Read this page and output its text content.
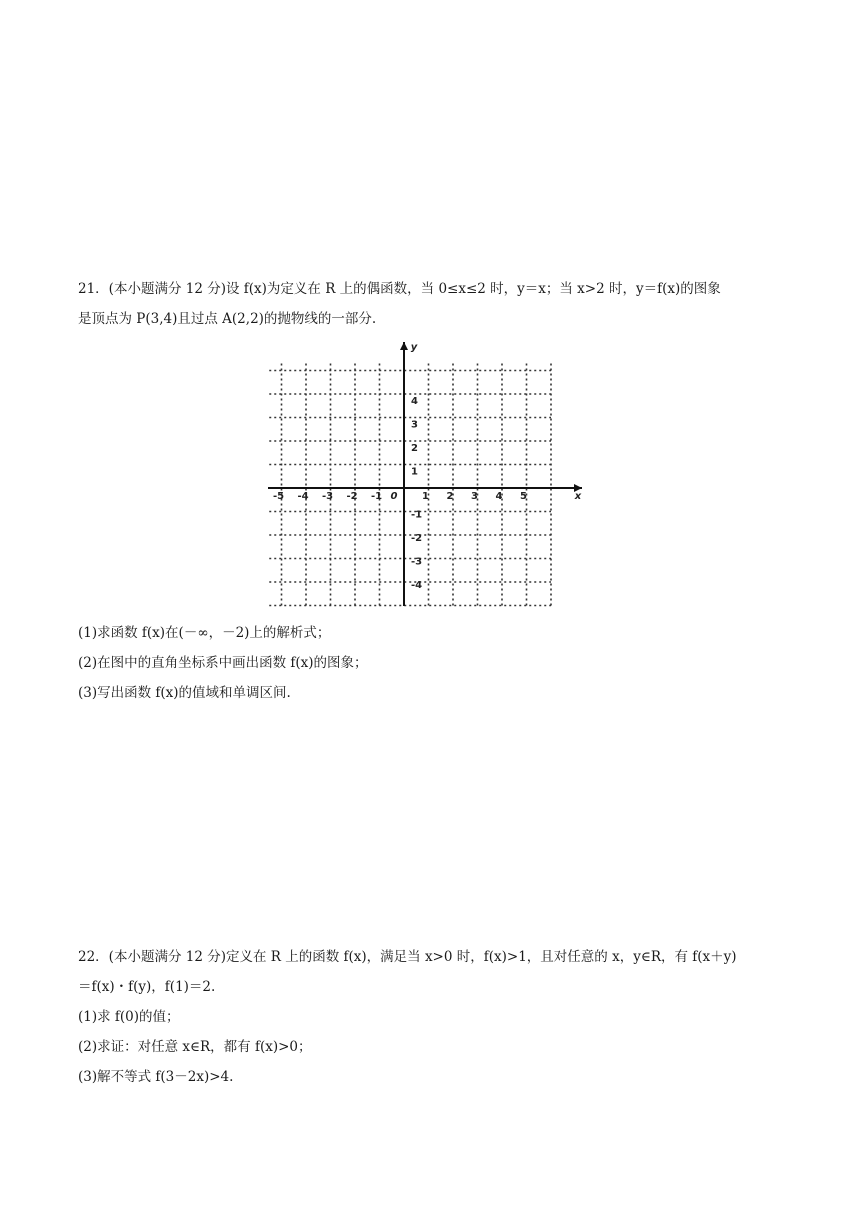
21．(本小题满分 12 分)设 f(x)为定义在 R 上的偶函数，当 0≤x≤2 时，y＝x；当 x>2 时，y＝f(x)的图象
是顶点为 P(3,4)且过点 A(2,2)的抛物线的一部分.
-5 -4 -3 -2 -1	1 2 3 4 5
-4
-3
-2
-1
1
2
3
4
0	x
y
(1)求函数 f(x)在(－∞，－2)上的解析式；
(2)在图中的直角坐标系中画出函数 f(x)的图象；
(3)写出函数 f(x)的值域和单调区间.
22．(本小题满分 12 分)定义在 R 上的函数 f(x)，满足当 x>0 时，f(x)>1，且对任意的 x，y∈R，有 f(x＋y)
＝f(x)・f(y)，f(1)＝2.
(1)求 f(0)的值；
(2)求证：对任意 x∈R，都有 f(x)>0；
(3)解不等式 f(3－2x)>4.
